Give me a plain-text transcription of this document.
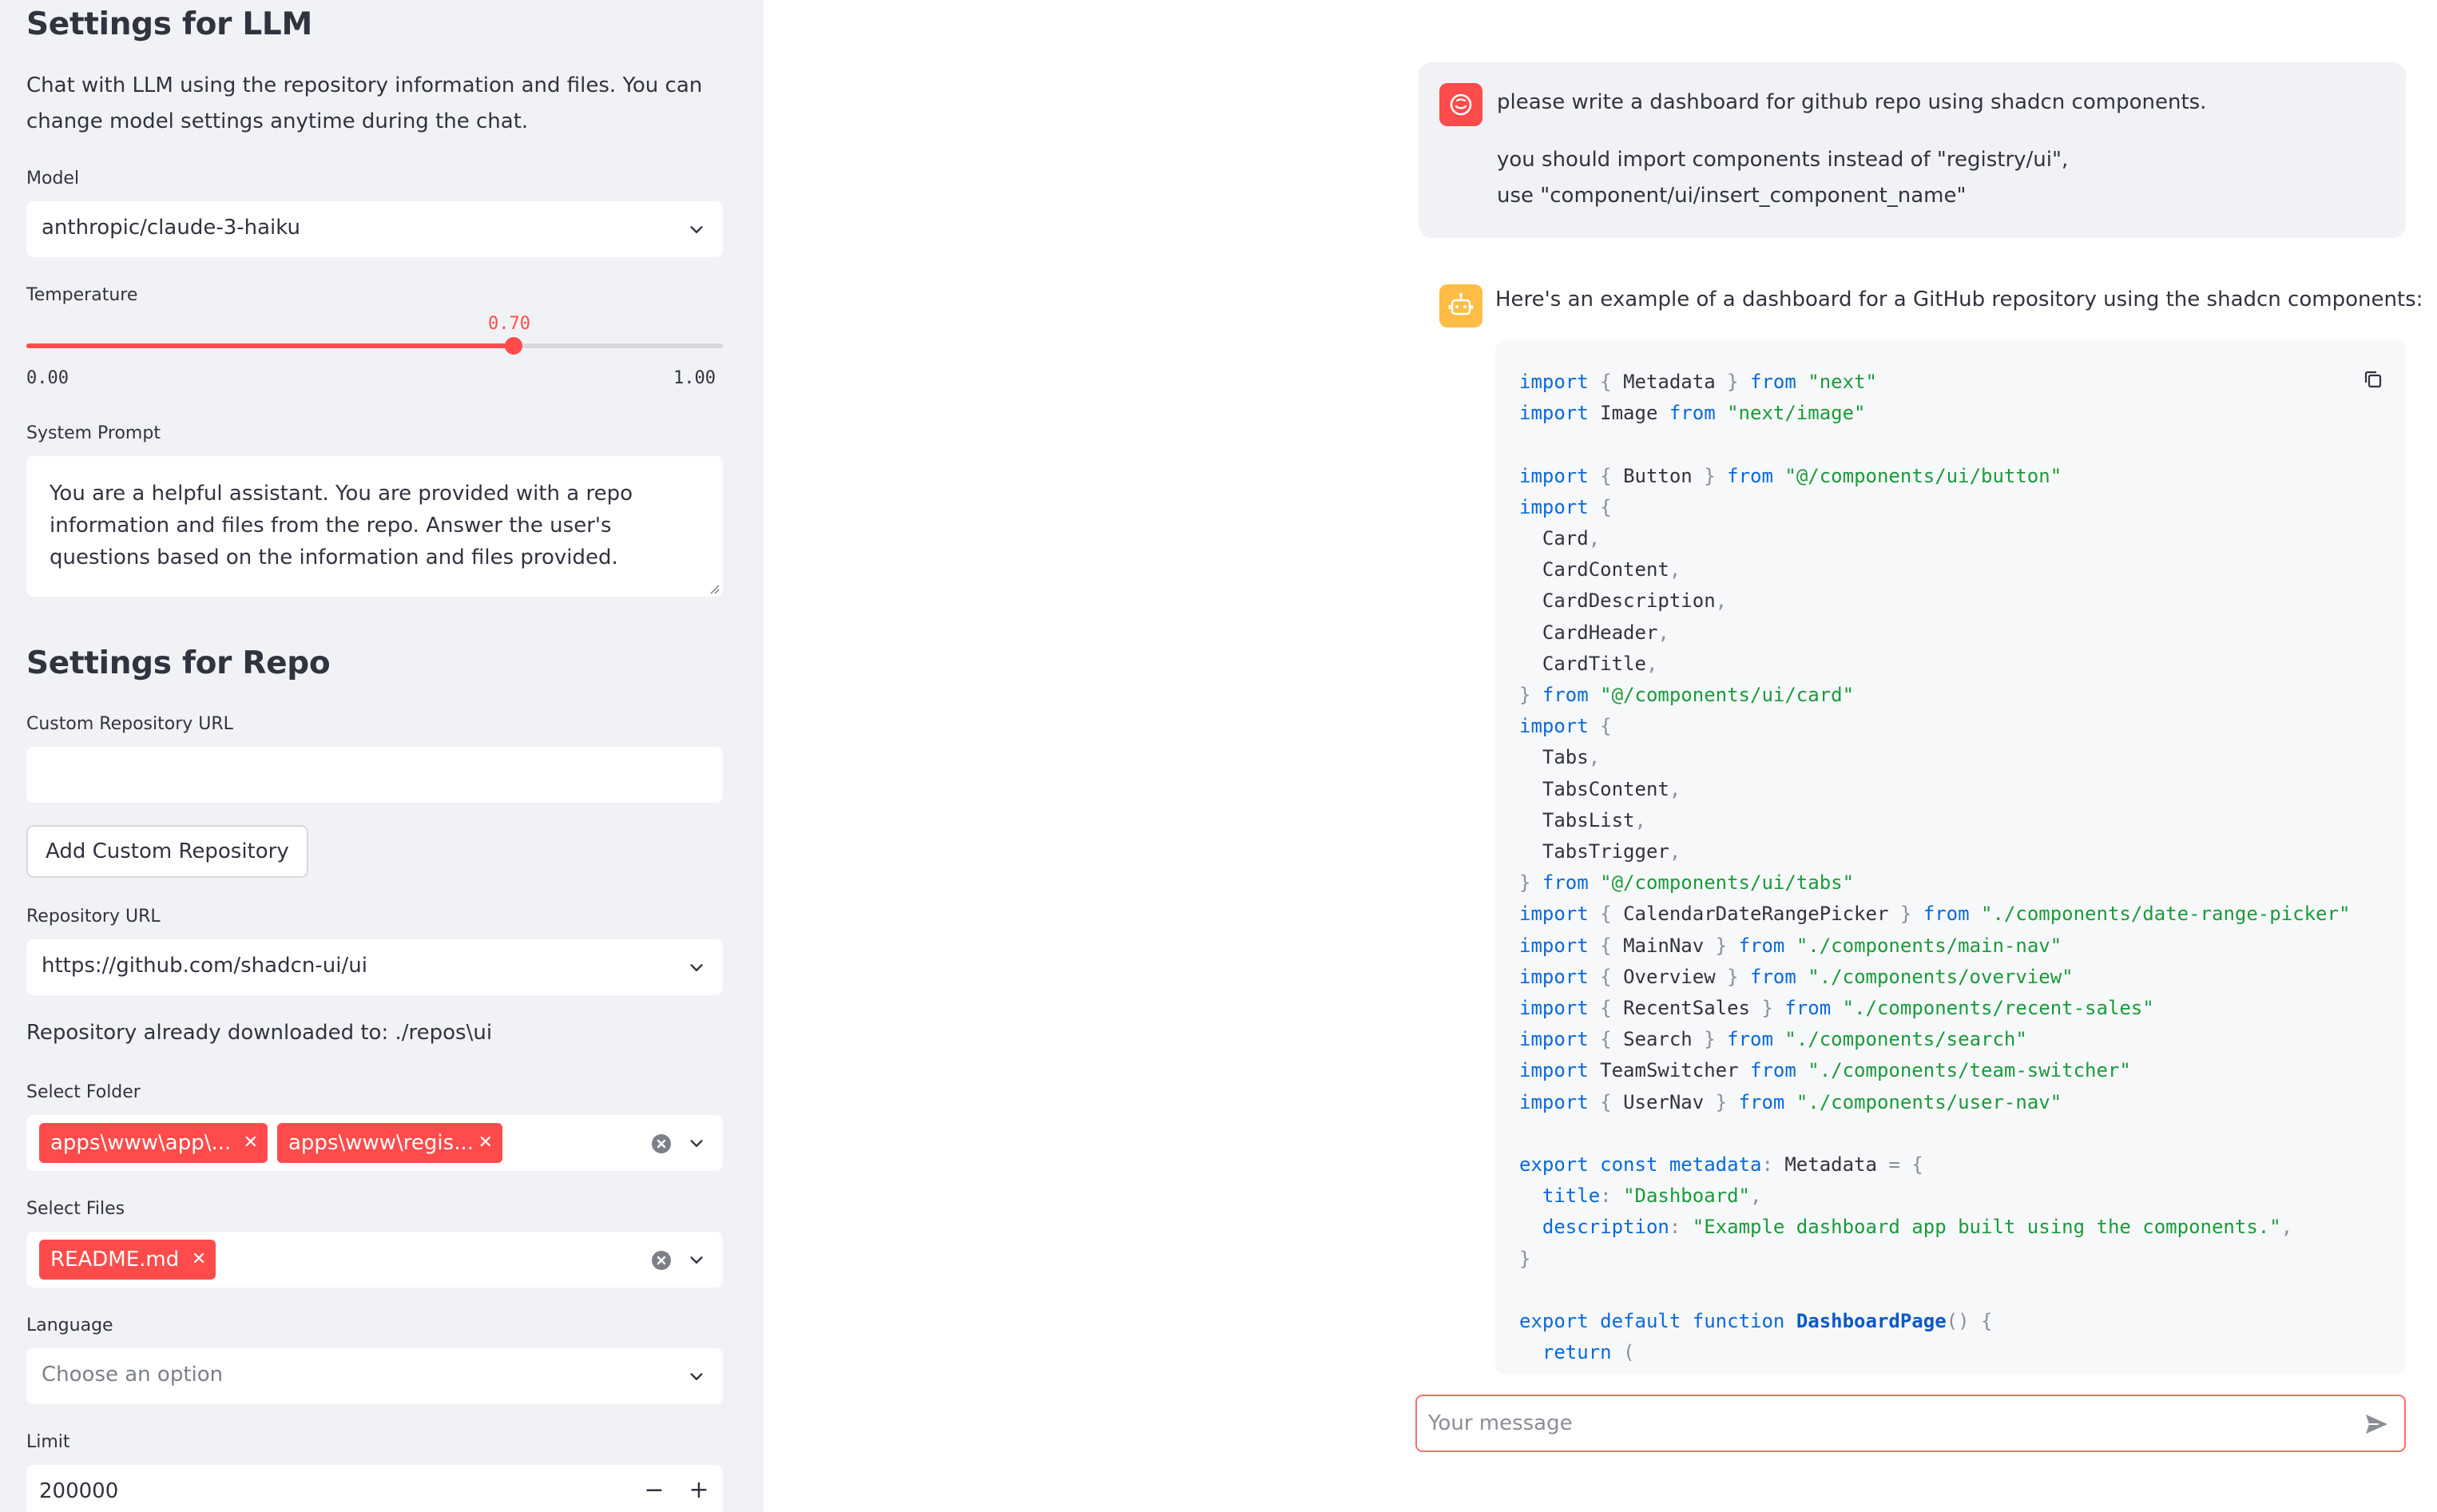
Settings for LLM
Chat with LLM using the repository information and files. You can change model settings anytime during the chat.
Model
anthropic/claude-3-haiku
Temperature
0.70
0.00	1.00
System Prompt
You are a helpful assistant. You are provided with a repo information and files from the repo. Answer the user's questions based on the information and files provided.
Settings for Repo
Custom Repository URL
Add Custom Repository
Repository URL
https://github.com/shadcn-ui/ui
Repository already downloaded to: ./repos\ui
Select Folder
apps\www\app\... ✕	apps\www\regis... ✕
Select Files
README.md ✕
Language
Choose an option
Limit
200000	− +
please write a dashboard for github repo using shadcn components.
you should import components instead of "registry/ui", use "component/ui/insert_component_name"
Here's an example of a dashboard for a GitHub repository using the shadcn components:
import { Metadata } from "next"
import Image from "next/image"

import { Button } from "@/components/ui/button"
import {
Card,
CardContent,
CardDescription,
CardHeader,
CardTitle,
} from "@/components/ui/card"
import {
Tabs,
TabsContent,
TabsList,
TabsTrigger,
} from "@/components/ui/tabs"
import { CalendarDateRangePicker } from "./components/date-range-picker"
import { MainNav } from "./components/main-nav"
import { Overview } from "./components/overview"
import { RecentSales } from "./components/recent-sales"
import { Search } from "./components/search"
import TeamSwitcher from "./components/team-switcher"
import { UserNav } from "./components/user-nav"

export const metadata: Metadata = {
title: "Dashboard",
description: "Example dashboard app built using the components.",
}

export default function DashboardPage() {
return (
Your message
